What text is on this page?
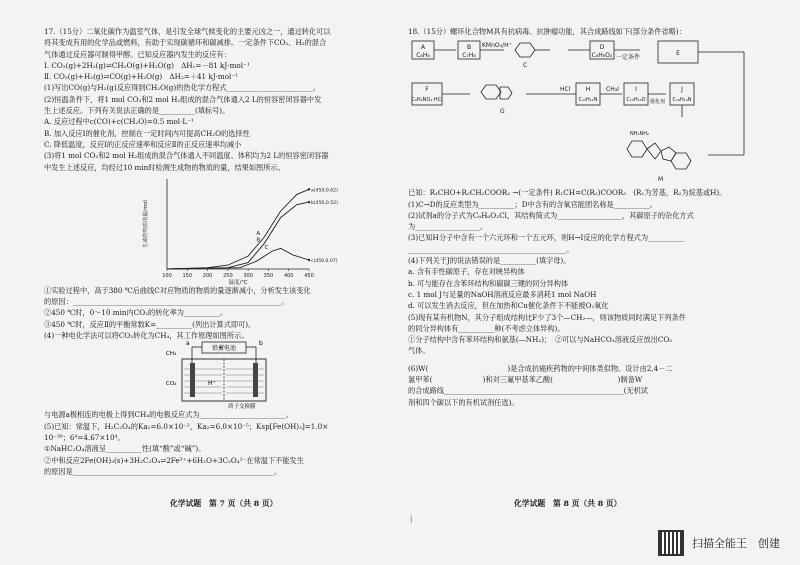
17.（15分）二氧化碳作为温室气体，是引发全球气候变化的主要元凶之一，通过转化可以
将其变成有用的化学品或燃料，有助于实现碳循环和碳减排。一定条件下CO₂、H₂的混合
气体通过反应器可制得甲醇。已知反应器内发生的反应有：
Ⅰ. CO₂(g)+2H₂(g)⇌CH₂O(g)+H₂O(g)　ΔH₁=－81 kJ·mol⁻¹
Ⅱ. CO₂(g)+H₂(g)⇌CO(g)+H₂O(g)　ΔH₂=＋41 kJ·mol⁻¹
(1)写出CO(g)与H₂(g)反应得到CH₂O(g)的热化学方程式________________________。
(2)恒温条件下，将1 mol CO₂和2 mol H₂组成的混合气体通入2 L的恒容密闭容器中发
生上述反应。下列有关说法正确的是__________(填标号)。
A. 反应过程中c(CO)+c(CH₂O)=0.5 mol·L⁻¹
B. 加入反应Ⅰ的催化剂，控制在一定时间内可提高CH₂O的选择性
C. 降低温度，反应Ⅰ的正反应速率和反应Ⅱ的正反应速率均减小
(3)将1 mol CO₂和2 mol H₂组成的混合气体通入不同温度、体积均为2 L的恒容密闭容器
中发生上述反应，均经过10 min时检测生成物的物质的量，结果如图所示。
100 150 200 250 300 350 400 450
生成物物质的量/mol
温度/℃
A
a(450,0.62)
B
b(450,0.52)
C
c(450,0.07)
①实验过程中，高于380 ℃后曲线C对应物质的物质的量逐渐减小，分析发生该变化
的原因：__________________________________________________________。
②450 ℃时，0～10 min内CO₂的转化率为__________。
③450 ℃时，反应Ⅱ的平衡常数K=__________(列出计算式即可)。
(4)一种电化学法可以将CO₂转化为CH₄，其工作原理如图所示。
铅蓄电池
a	b
H⁺
CH₄
CO₂
质子交换膜
与电源a极相连的电极上得到CH₄的电极反应式为________________________。
(5)已知：常温下，H₂C₂O₄的Ka₁=6.0×10⁻²，Ka₂=6.0×10⁻⁵；Ksp[Fe(OH)₃]=1.0×
10⁻³⁸；6⁴=4.67×10⁴。
①NaHC₂O₄溶液呈__________性(填“酸”或“碱”)。
②中和反应2Fe(OH)₃(s)+3H₂C₂O₄⇌2Fe³⁺+6H₂O+3C₂O₄²⁻在常温下不能发生
的原因是________________________________________________________。
化学试题　第 7 页（共 8 页）
18.（15分）螺环化合物M具有抗病毒、抗肿瘤功能，其合成路线如下(部分条件省略)：
A
C₆H₆
B
C₇H₈
KMnO₄/H⁺
C
D
C₈H₆O₂ 一定条件
E
F
C₆H₆NO₂·HCl
G
HCl	H
C₁₅H₁₁N
CH₃I	I
C₁₅H₁₃O 催化剂
J
C₁₈H₁₅N
NH₂NH₂
M
已知：R₁CHO+R₂CH₂COOR₃ →(一定条件) R₁CH=C(R₂)COOR₃　(R₁为芳基，R₂为烷基或H)。
(1)C→D的反应类型为__________；D中含有的含氧官能团名称是__________。
(2)试剂a的分子式为C₈H₆O₂Cl，其结构简式为__________________，其碳原子的杂化方式
为__________________。
(3)已知H分子中含有一个六元环和一个五元环，则H→I反应的化学方程式为__________
____________________________________________。
(4)下列关于J的说法错误的是__________(填字母)。
a. 含有手性碳原子，存在对映异构体
b. 可与能存在含苯环结构和碳碳三键的同分异构体
c. 1 mol J与足量的NaOH溶液反应最多消耗1 mol NaOH
d. 可以发生消去反应，但在加热和Cu催化条件下不能被O₂氧化
(5)现有某有机物N，其分子组成结构比F少了3个—CH₂—，则该物质同时满足下列条件
的同分异构体有__________种(不考虑立体异构)。
①分子结构中含有苯环结构和氨基(—NH₂)；　②可以与NaHCO₃溶液反应放出CO₂
气体。
(6)W(　　　　　　　　　　　)是合成抗癌疾药物的中间体类似物。设计由2,4－二
氯甲苯(　　　　　　　)和对三氟甲基苯乙酸(　　　　　　　　　)制备W
的合成路线__________________________________________________(无机试
剂和四个碳以下的有机试剂任选)。
化学试题　第 8 页（共 8 页）
|
扫描全能王　创建
